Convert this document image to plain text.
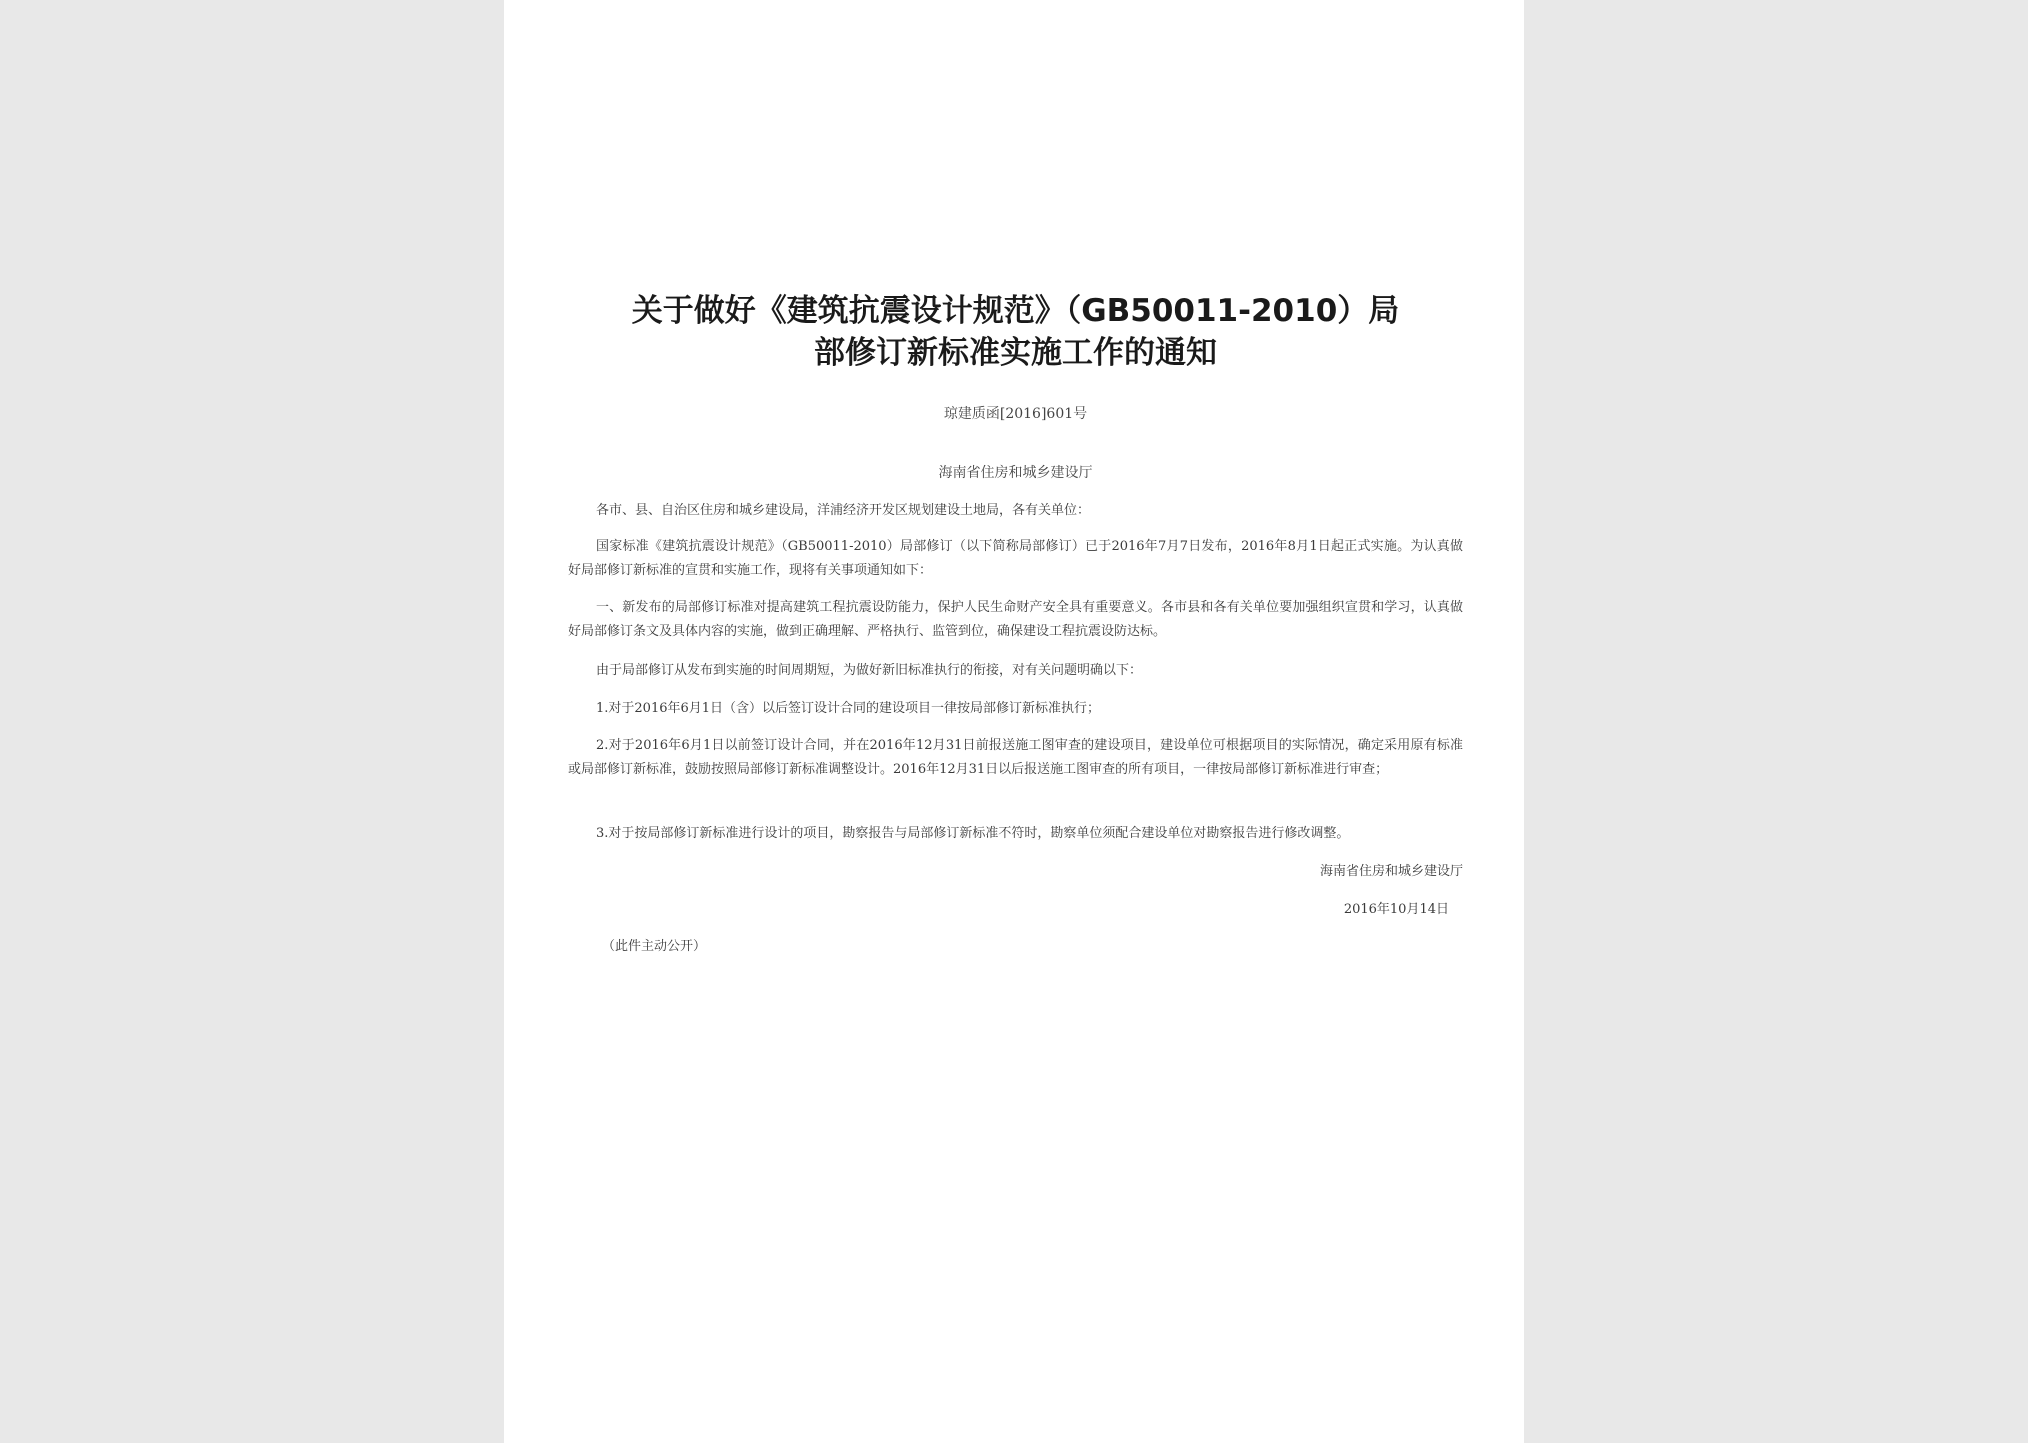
关于做好《建筑抗震设计规范》（GB50011-2010）局
部修订新标准实施工作的通知
琼建质函[2016]601号
海南省住房和城乡建设厅
各市、县、自治区住房和城乡建设局，洋浦经济开发区规划建设土地局，各有关单位：
国家标准《建筑抗震设计规范》（GB50011-2010）局部修订（以下简称局部修订）已于2016年7月7日发布，2016年8月1日起正式实施。为认真做好局部修订新标准的宣贯和实施工作，现将有关事项通知如下：
一、新发布的局部修订标准对提高建筑工程抗震设防能力，保护人民生命财产安全具有重要意义。各市县和各有关单位要加强组织宣贯和学习，认真做好局部修订条文及具体内容的实施，做到正确理解、严格执行、监管到位，确保建设工程抗震设防达标。
由于局部修订从发布到实施的时间周期短，为做好新旧标准执行的衔接，对有关问题明确以下：
1.对于2016年6月1日（含）以后签订设计合同的建设项目一律按局部修订新标准执行；
2.对于2016年6月1日以前签订设计合同，并在2016年12月31日前报送施工图审查的建设项目，建设单位可根据项目的实际情况，确定采用原有标准或局部修订新标准，鼓励按照局部修订新标准调整设计。2016年12月31日以后报送施工图审查的所有项目，一律按局部修订新标准进行审查；
3.对于按局部修订新标准进行设计的项目，勘察报告与局部修订新标准不符时，勘察单位须配合建设单位对勘察报告进行修改调整。
海南省住房和城乡建设厅
2016年10月14日
（此件主动公开）
